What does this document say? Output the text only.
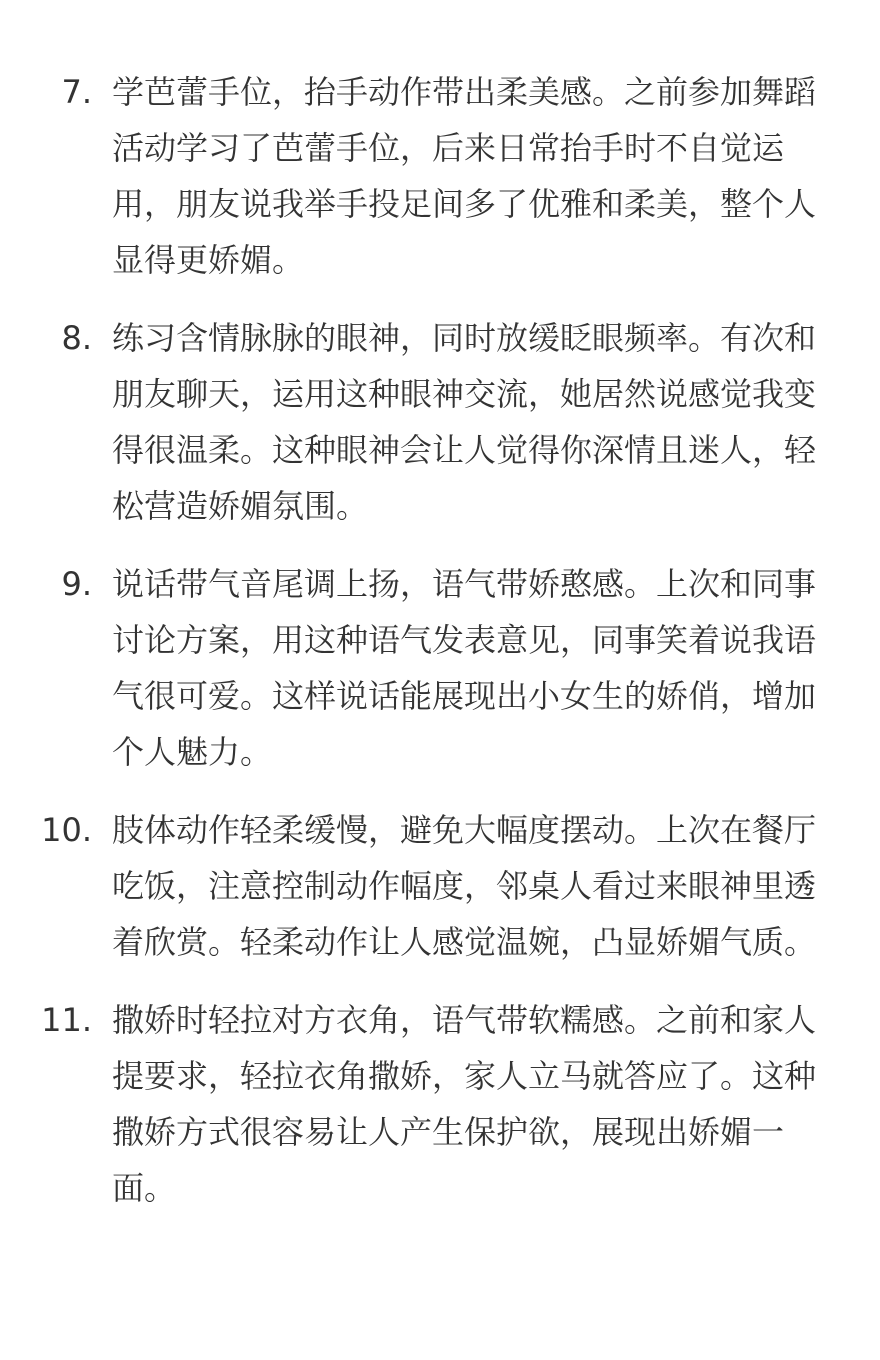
7. 学芭蕾手位，抬手动作带出柔美感。之前参加舞蹈活动学习了芭蕾手位，后来日常抬手时不自觉运用，朋友说我举手投足间多了优雅和柔美，整个人显得更娇媚。
8. 练习含情脉脉的眼神，同时放缓眨眼频率。有次和朋友聊天，运用这种眼神交流，她居然说感觉我变得很温柔。这种眼神会让人觉得你深情且迷人，轻松营造娇媚氛围。
9. 说话带气音尾调上扬，语气带娇憨感。上次和同事讨论方案，用这种语气发表意见，同事笑着说我语气很可爱。这样说话能展现出小女生的娇俏，增加个人魅力。
10. 肢体动作轻柔缓慢，避免大幅度摆动。上次在餐厅吃饭，注意控制动作幅度，邻桌人看过来眼神里透着欣赏。轻柔动作让人感觉温婉，凸显娇媚气质。
11. 撒娇时轻拉对方衣角，语气带软糯感。之前和家人提要求，轻拉衣角撒娇，家人立马就答应了。这种撒娇方式很容易让人产生保护欲，展现出娇媚一面。
